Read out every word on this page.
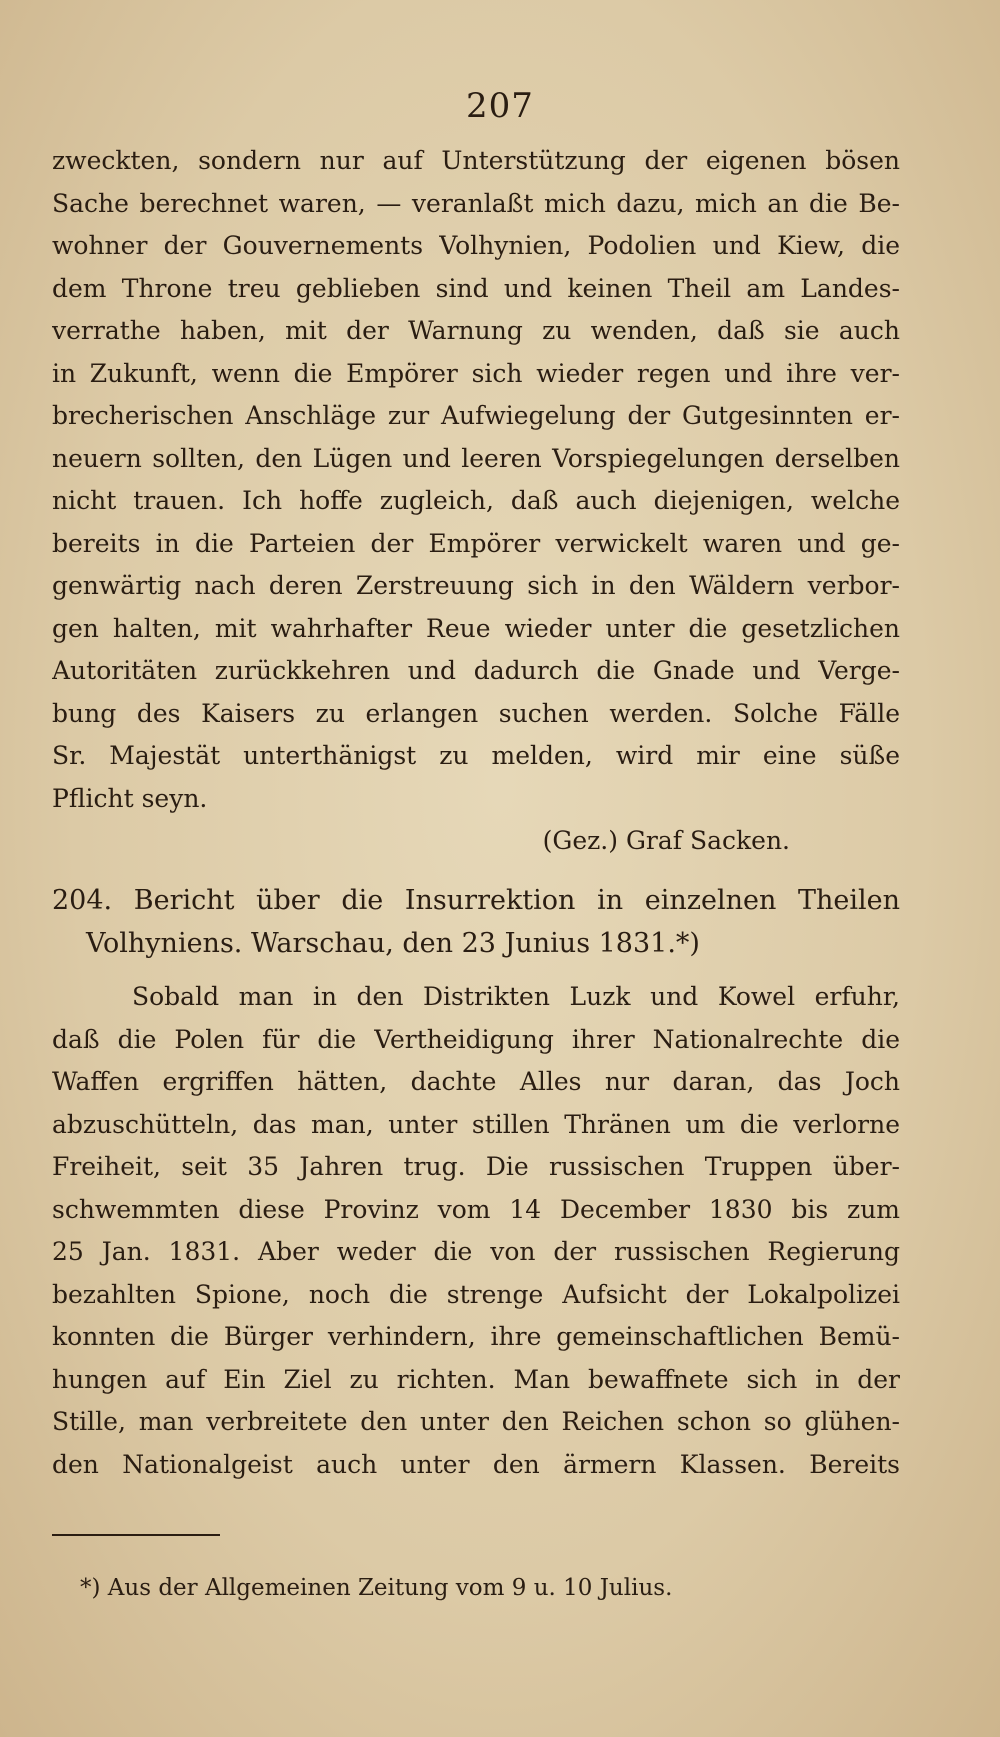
207
zweckten, sondern nur auf Unterstützung der eigenen bösen
Sache berechnet waren, — veranlaßt mich dazu, mich an die Be-
wohner der Gouvernements Volhynien, Podolien und Kiew, die
dem Throne treu geblieben sind und keinen Theil am Landes-
verrathe haben, mit der Warnung zu wenden, daß sie auch
in Zukunft, wenn die Empörer sich wieder regen und ihre ver-
brecherischen Anschläge zur Aufwiegelung der Gutgesinnten er-
neuern sollten, den Lügen und leeren Vorspiegelungen derselben
nicht trauen. Ich hoffe zugleich, daß auch diejenigen, welche
bereits in die Parteien der Empörer verwickelt waren und ge-
genwärtig nach deren Zerstreuung sich in den Wäldern verbor-
gen halten, mit wahrhafter Reue wieder unter die gesetzlichen
Autoritäten zurückkehren und dadurch die Gnade und Verge-
bung des Kaisers zu erlangen suchen werden. Solche Fälle
Sr. Majestät unterthänigst zu melden, wird mir eine süße
Pflicht seyn.
(Gez.) Graf Sacken.
204. Bericht über die Insurrektion in einzelnen Theilen
Volhyniens. Warschau, den 23 Junius 1831.*)
Sobald man in den Distrikten Luzk und Kowel erfuhr,
daß die Polen für die Vertheidigung ihrer Nationalrechte die
Waffen ergriffen hätten, dachte Alles nur daran, das Joch
abzuschütteln, das man, unter stillen Thränen um die verlorne
Freiheit, seit 35 Jahren trug. Die russischen Truppen über-
schwemmten diese Provinz vom 14 December 1830 bis zum
25 Jan. 1831. Aber weder die von der russischen Regierung
bezahlten Spione, noch die strenge Aufsicht der Lokalpolizei
konnten die Bürger verhindern, ihre gemeinschaftlichen Bemü-
hungen auf Ein Ziel zu richten. Man bewaffnete sich in der
Stille, man verbreitete den unter den Reichen schon so glühen-
den Nationalgeist auch unter den ärmern Klassen. Bereits
*) Aus der Allgemeinen Zeitung vom 9 u. 10 Julius.
